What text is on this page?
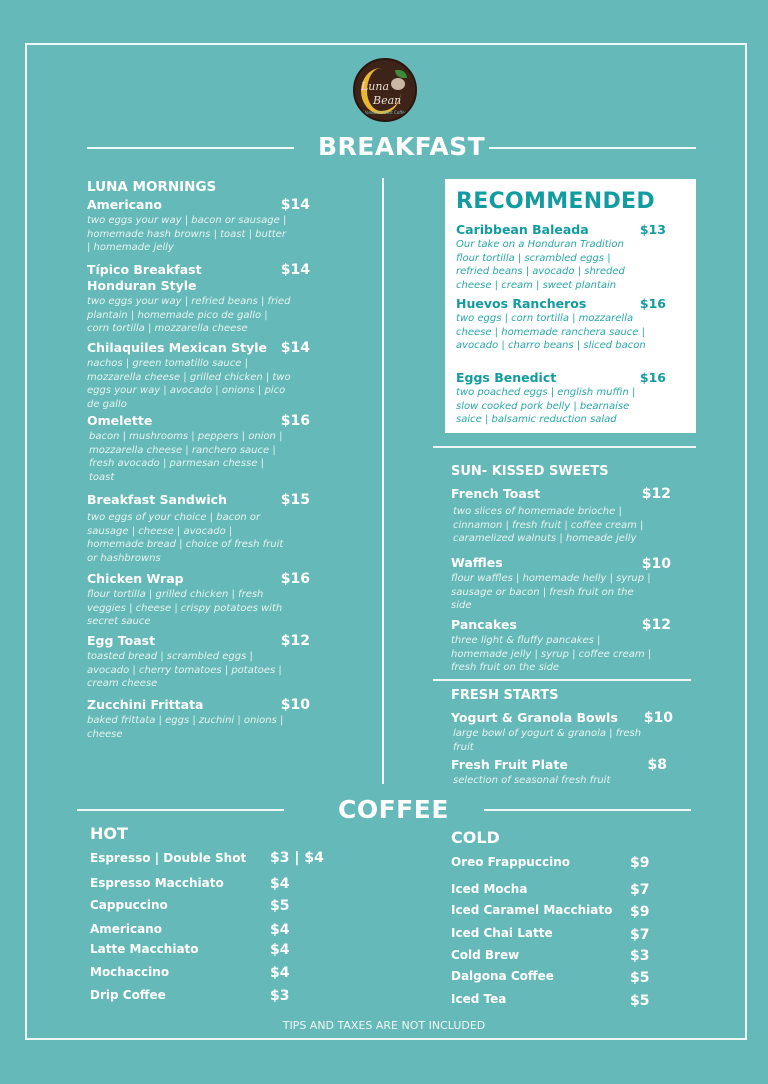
Luna
Bean
Honduran Best Coffee
BREAKFAST
LUNA MORNINGS
Americano	$14
two eggs your way | bacon or sausage | homemade hash browns | toast | butter | homemade jelly
Típico Breakfast Honduran Style
$14
two eggs your way | refried beans | fried plantain | homemade pico de gallo | corn tortilla | mozzarella cheese
Chilaquiles Mexican Style $14
nachos | green tomatillo sauce | mozzarella cheese | grilled chicken | two eggs your way | avocado | onions | pico de gallo
Omelette	$16
bacon | mushrooms | peppers | onion | mozzarella cheese | ranchero sauce | fresh avocado | parmesan chesse | toast
Breakfast Sandwich	$15
two eggs of your choice | bacon or sausage | cheese | avocado | homemade bread | choice of fresh fruit or hashbrowns
Chicken Wrap	$16
flour tortilla | grilled chicken | fresh veggies | cheese | crispy potatoes with secret sauce
Egg Toast	$12
toasted bread | scrambled eggs | avocado | cherry tomatoes | potatoes | cream cheese
Zucchini Frittata	$10
baked frittata | eggs | zuchini | onions | cheese
RECOMMENDED
Caribbean Baleada	$13
Our take on a Honduran Tradition flour tortilla | scrambled eggs | refried beans | avocado | shreded cheese | cream | sweet plantain
Huevos Rancheros	$16
two eggs | corn tortilla | mozzarella cheese | homemade ranchera sauce | avocado | charro beans | sliced bacon
Eggs Benedict	$16
two poached eggs | english muffin | slow cooked pork belly | bearnaise saice | balsamic reduction salad
SUN- KISSED SWEETS
French Toast	$12
two slices of homemade brioche | cinnamon | fresh fruit | coffee cream | caramelized walnuts | homeade jelly
Waffles	$10
flour waffles | homemade helly | syrup | sausage or bacon | fresh fruit on the side
Pancakes	$12
three light & fluffy pancakes | homemade jelly | syrup | coffee cream | fresh fruit on the side
FRESH STARTS
Yogurt & Granola Bowls	$10
large bowl of yogurt & granola | fresh fruit
Fresh Fruit Plate	$8
selection of seasonal fresh fruit
COFFEE
HOT
Espresso | Double Shot $3 | $4
Espresso Macchiato	$4
Cappuccino	$5
Americano	$4
Latte Macchiato	$4
Mochaccino	$4
Drip Coffee	$3
COLD
Oreo Frappuccino	$9
Iced Mocha	$7
Iced Caramel Macchiato $9
Iced Chai Latte	$7
Cold Brew	$3
Dalgona Coffee	$5
Iced Tea	$5
TIPS AND TAXES ARE NOT INCLUDED
